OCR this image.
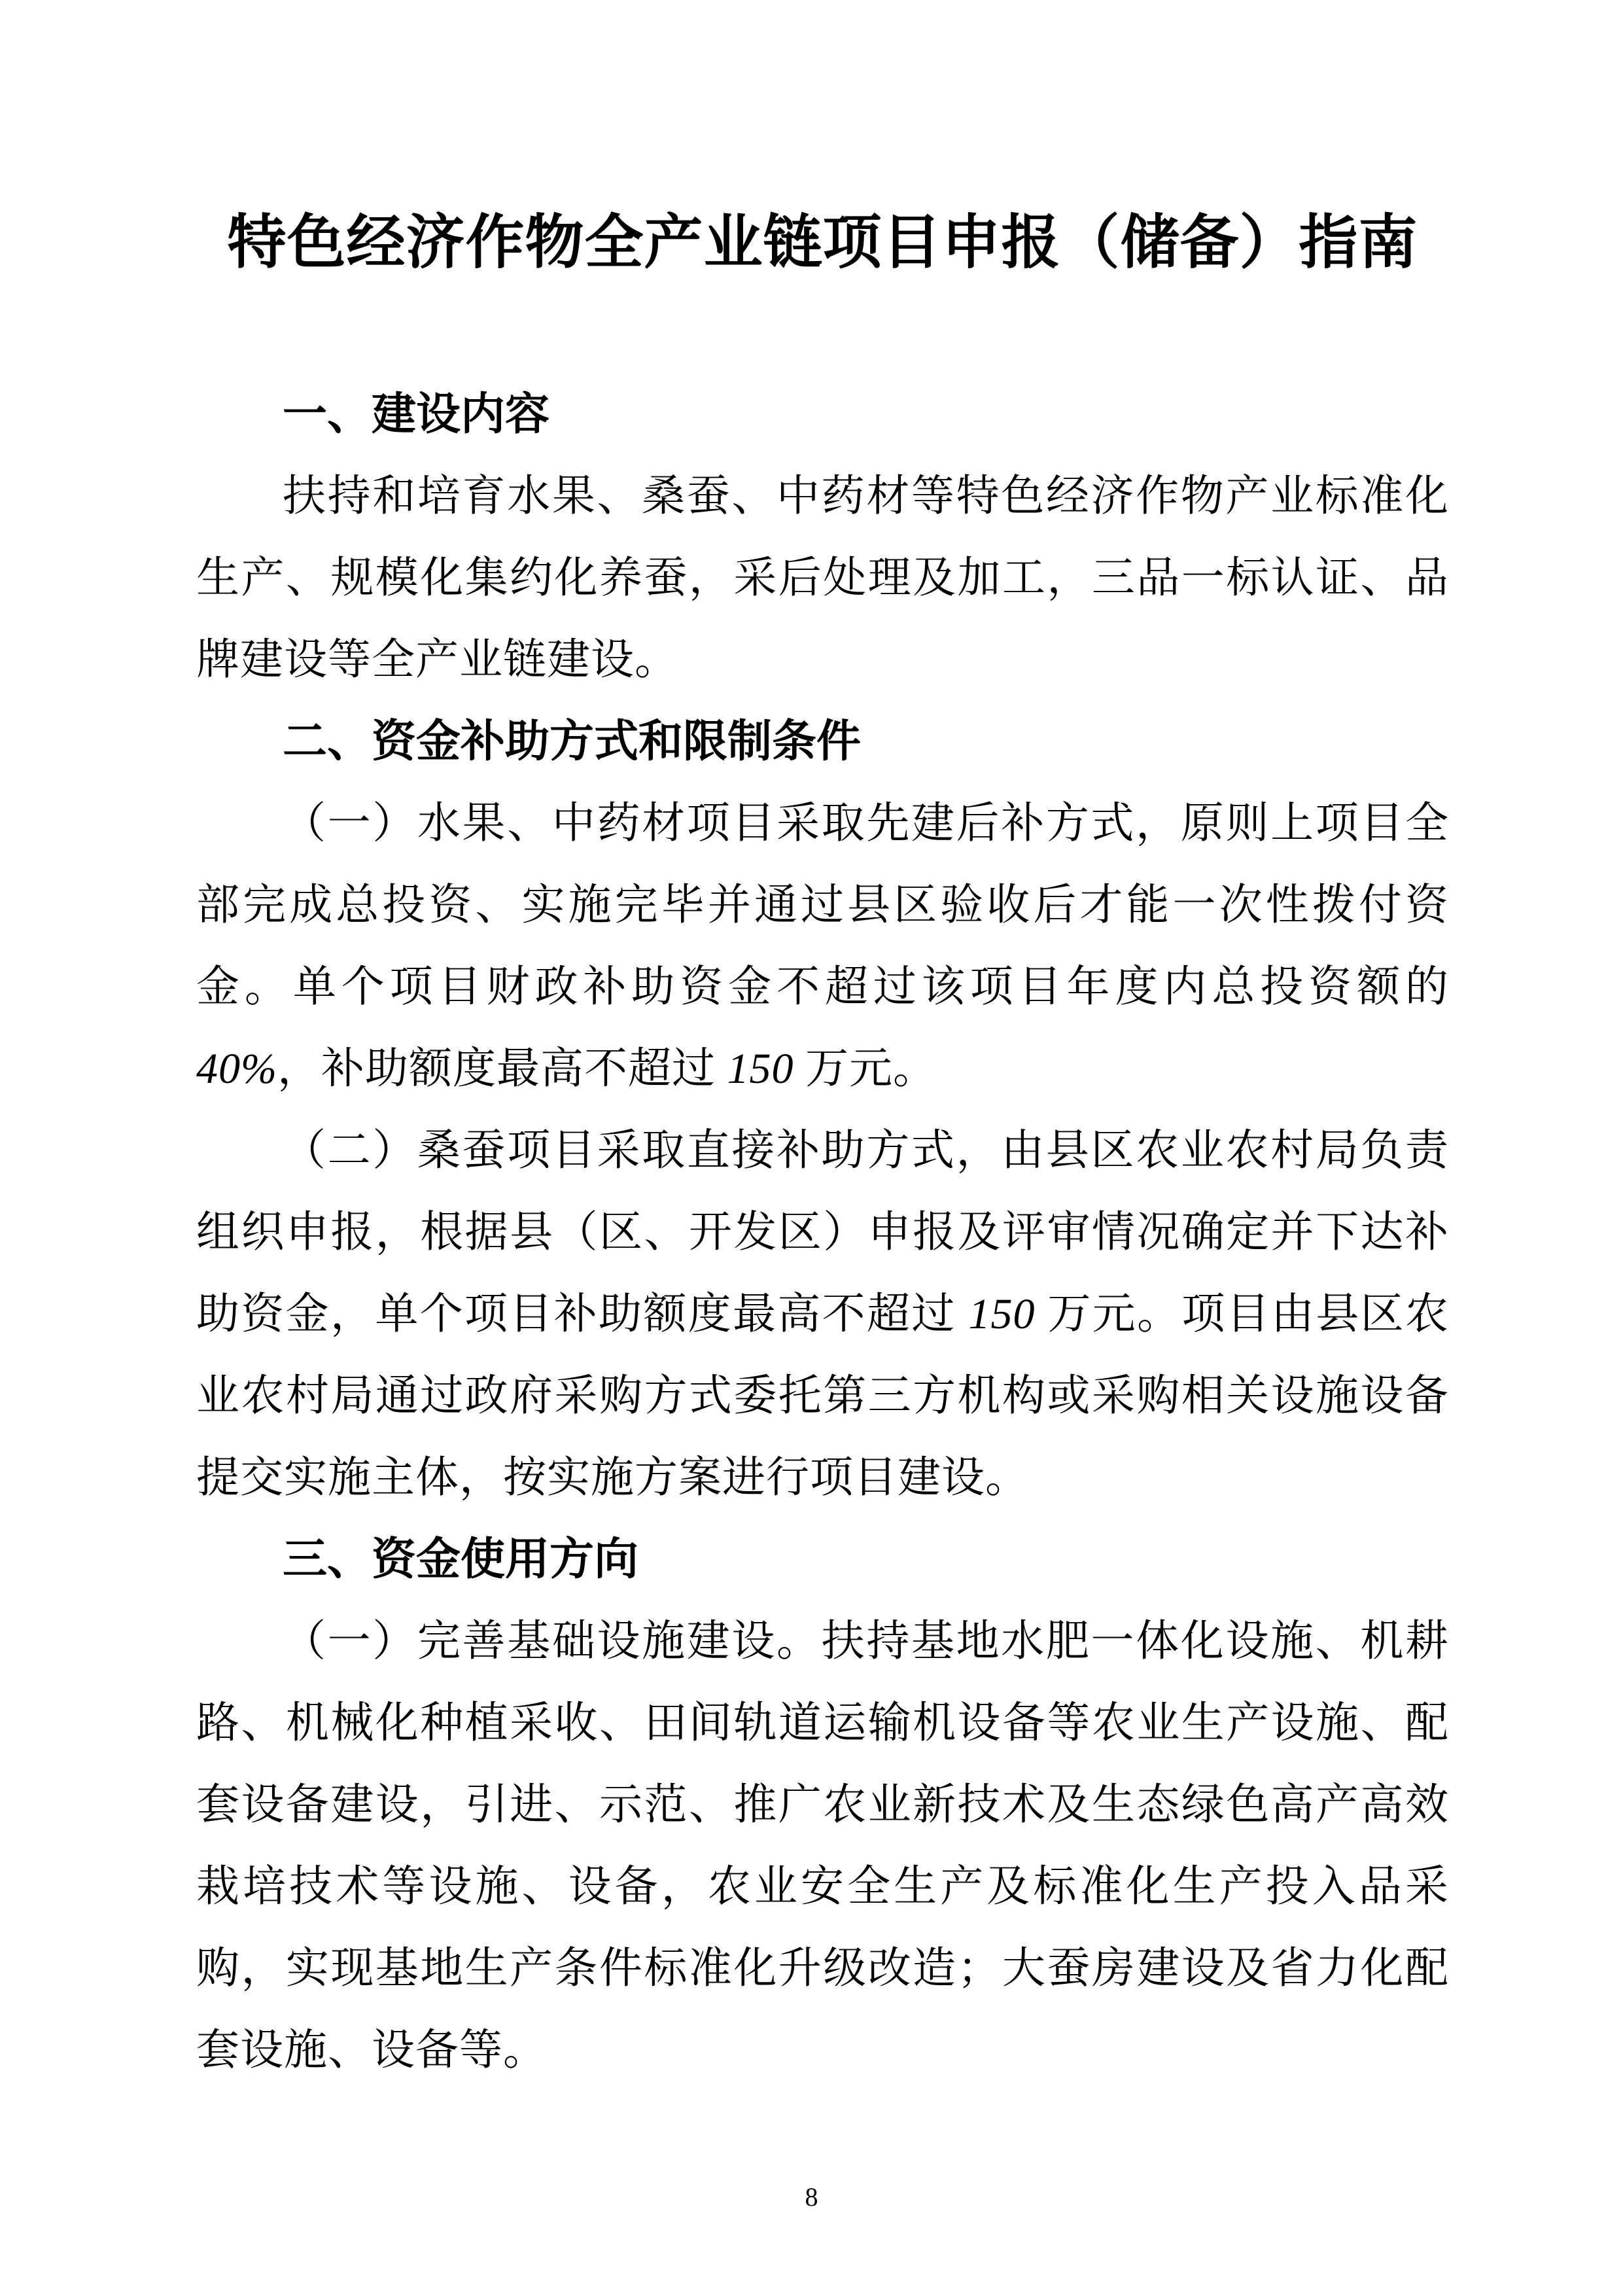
特色经济作物全产业链项目申报（储备）指南
一、建设内容

扶持和培育水果、桑蚕、中药材等特色经济作物产业标准化生产、规模化集约化养蚕，采后处理及加工，三品一标认证、品牌建设等全产业链建设。

二、资金补助方式和限制条件

（一）水果、中药材项目采取先建后补方式，原则上项目全部完成总投资、实施完毕并通过县区验收后才能一次性拨付资金。单个项目财政补助资金不超过该项目年度内总投资额的 40%，补助额度最高不超过 150 万元。

（二）桑蚕项目采取直接补助方式，由县区农业农村局负责组织申报，根据县（区、开发区）申报及评审情况确定并下达补助资金，单个项目补助额度最高不超过 150 万元。项目由县区农业农村局通过政府采购方式委托第三方机构或采购相关设施设备提交实施主体，按实施方案进行项目建设。

三、资金使用方向

（一）完善基础设施建设。扶持基地水肥一体化设施、机耕路、机械化种植采收、田间轨道运输机设备等农业生产设施、配套设备建设，引进、示范、推广农业新技术及生态绿色高产高效栽培技术等设施、设备，农业安全生产及标准化生产投入品采购，实现基地生产条件标准化升级改造；大蚕房建设及省力化配套设施、设备等。

8
